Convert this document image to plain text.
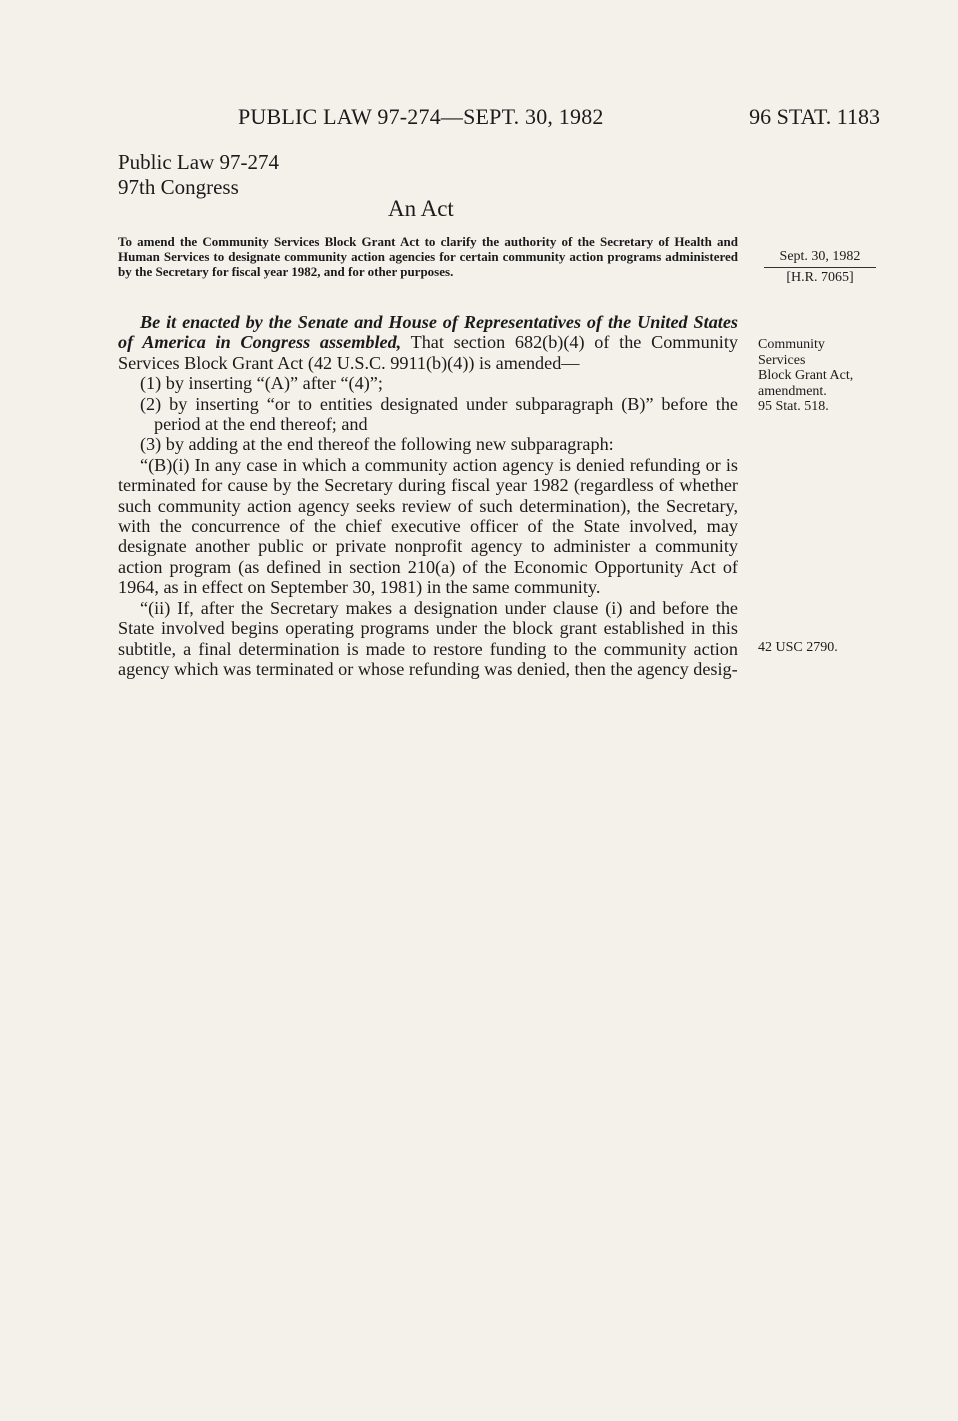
PUBLIC LAW 97-274—SEPT. 30, 1982	96 STAT. 1183
Public Law 97-274
97th Congress
An Act
To amend the Community Services Block Grant Act to clarify the authority of the Secretary of Health and Human Services to designate community action agencies for certain community action programs administered by the Secretary for fiscal year 1982, and for other purposes.
Sept. 30, 1982
[H.R. 7065]
Community
Services
Block Grant Act,
amendment.
95 Stat. 518.
42 USC 2790.

Be it enacted by the Senate and House of Representatives of the United States of America in Congress assembled, That section 682(b)(4) of the Community Services Block Grant Act (42 U.S.C. 9911(b)(4)) is amended—

(1) by inserting “(A)” after “(4)”;

(2) by inserting “or to entities designated under subparagraph (B)” before the period at the end thereof; and

(3) by adding at the end thereof the following new subparagraph:

“(B)(i) In any case in which a community action agency is denied refunding or is terminated for cause by the Secretary during fiscal year 1982 (regardless of whether such community action agency seeks review of such determination), the Secretary, with the concurrence of the chief executive officer of the State involved, may designate another public or private nonprofit agency to administer a community action program (as defined in section 210(a) of the Economic Opportunity Act of 1964, as in effect on September 30, 1981) in the same community.

“(ii) If, after the Secretary makes a designation under clause (i) and before the State involved begins operating programs under the block grant established in this subtitle, a final determination is made to restore funding to the community action agency which was terminated or whose refunding was denied, then the agency desig-
